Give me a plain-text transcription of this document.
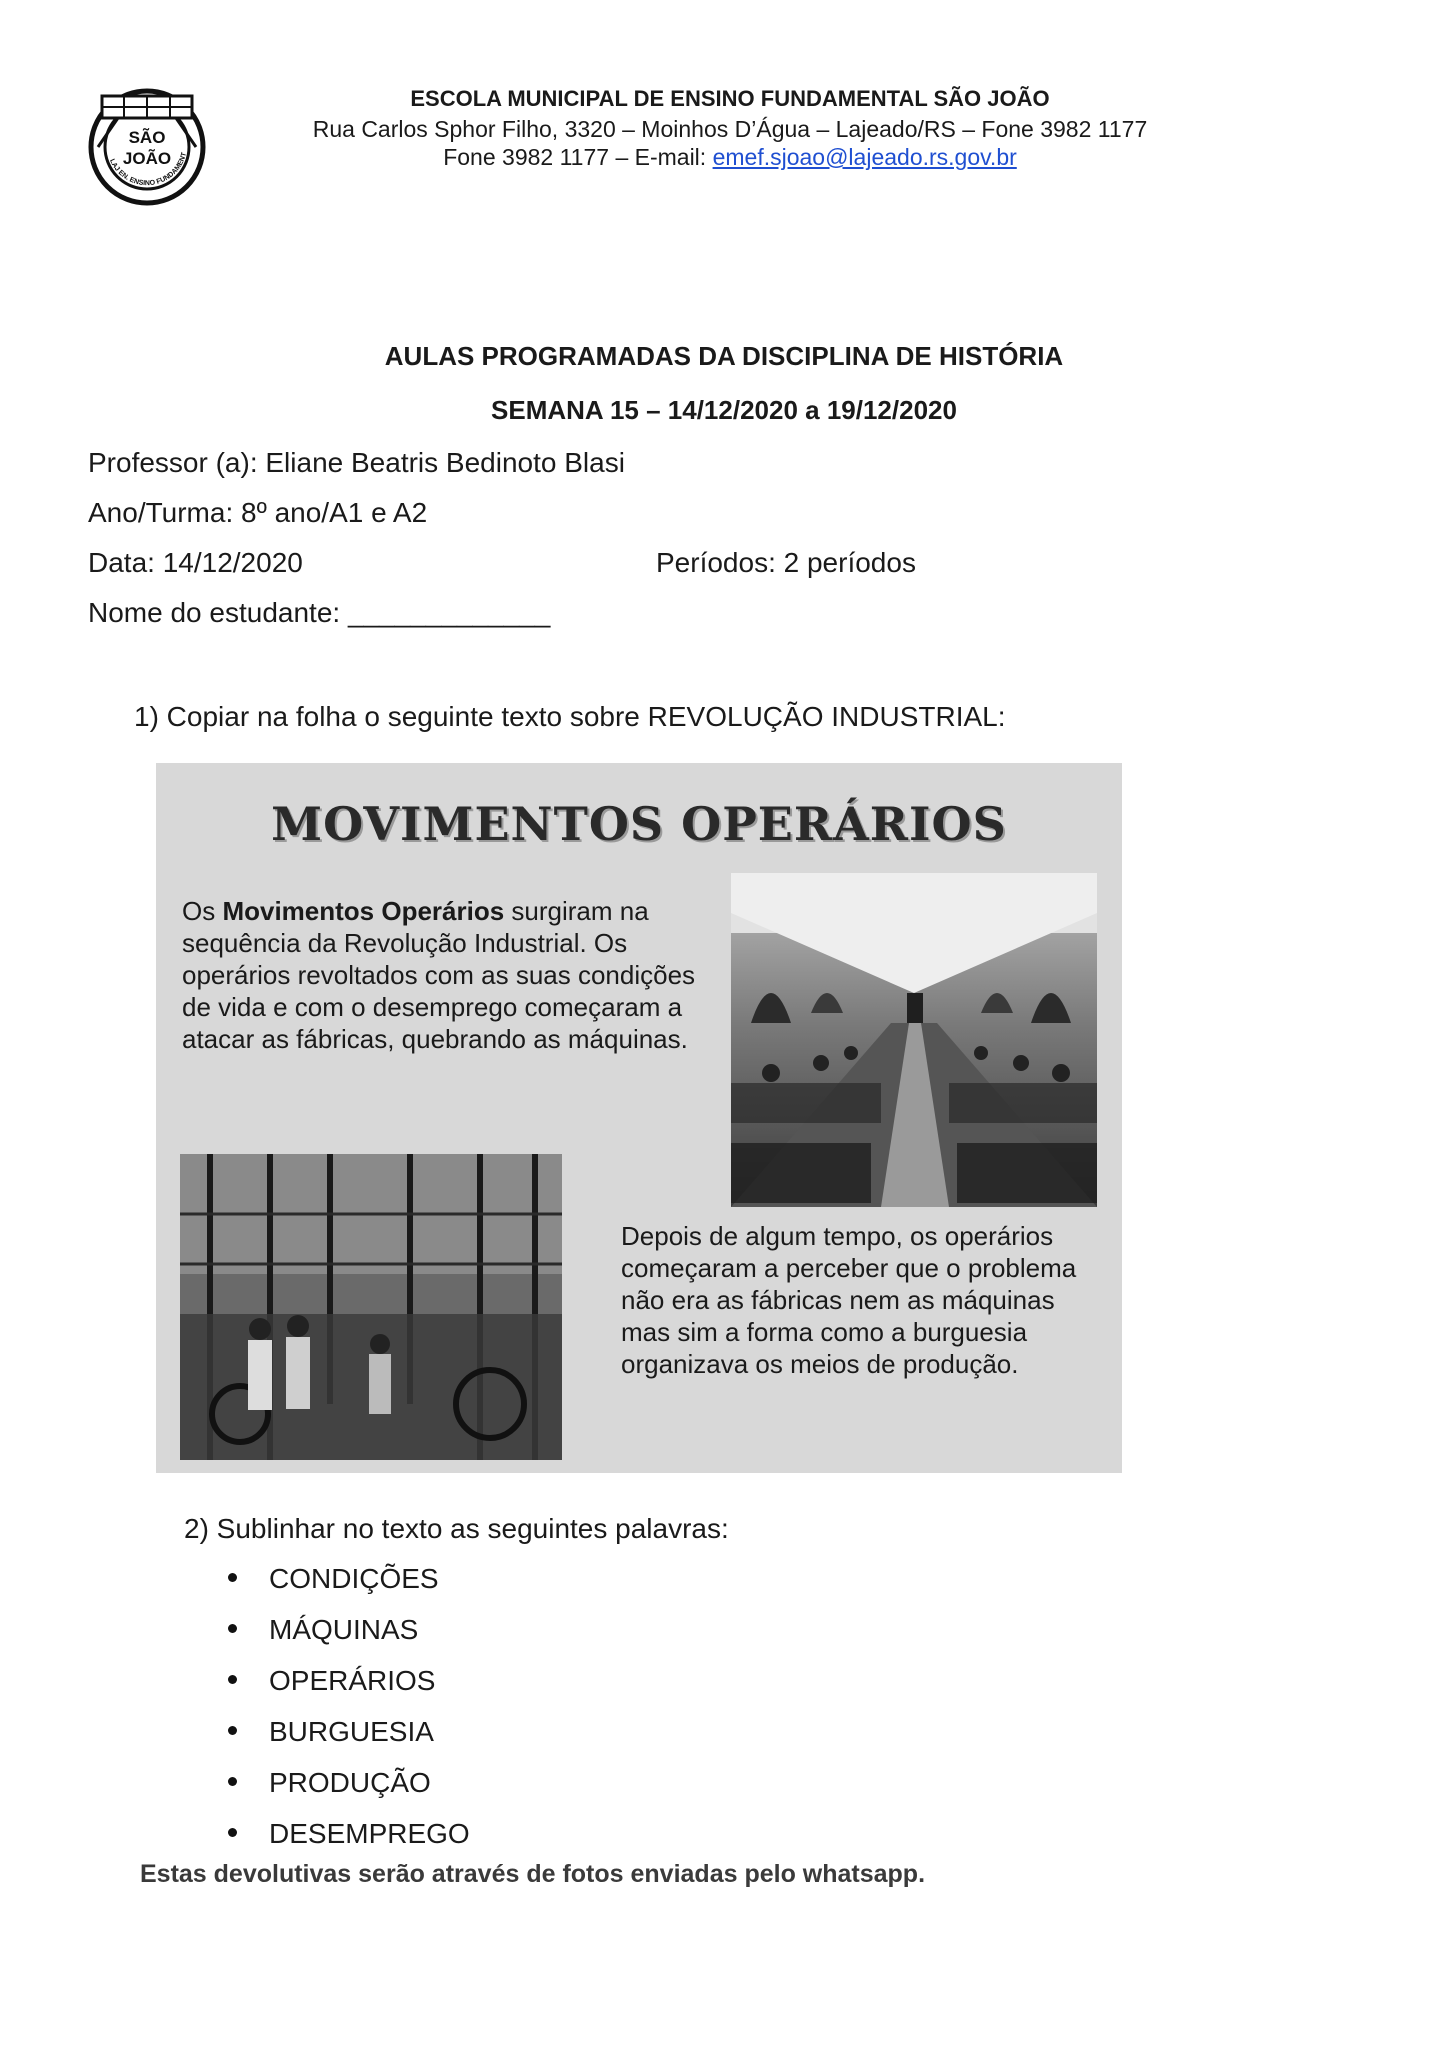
SÃO
JOÃO
LAJ EN. ENSINO FUNDAMENT
ESCOLA MUNICIPAL DE ENSINO FUNDAMENTAL SÃO JOÃO
Rua Carlos Sphor Filho, 3320 – Moinhos D’Água – Lajeado/RS – Fone 3982 1177
Fone 3982 1177 – E-mail: emef.sjoao@lajeado.rs.gov.br
AULAS PROGRAMADAS DA DISCIPLINA DE HISTÓRIA
SEMANA 15 – 14/12/2020 a 19/12/2020
Professor (a): Eliane Beatris Bedinoto Blasi
Ano/Turma: 8º ano/A1 e A2
Data: 14/12/2020	Períodos: 2 períodos
Nome do estudante: _____________
1) Copiar na folha o seguinte texto sobre REVOLUÇÃO INDUSTRIAL:
MOVIMENTOS OPERÁRIOS
Os Movimentos Operários surgiram na sequência da Revolução Industrial. Os operários revoltados com as suas condições de vida e com o desemprego começaram a atacar as fábricas, quebrando as máquinas.
Depois de algum tempo, os operários começaram a perceber que o problema não era as fábricas nem as máquinas mas sim a forma como a burguesia organizava os meios de produção.
2) Sublinhar no texto as seguintes palavras:
CONDIÇÕES
MÁQUINAS
OPERÁRIOS
BURGUESIA
PRODUÇÃO
DESEMPREGO
Estas devolutivas serão através de fotos enviadas pelo whatsapp.
